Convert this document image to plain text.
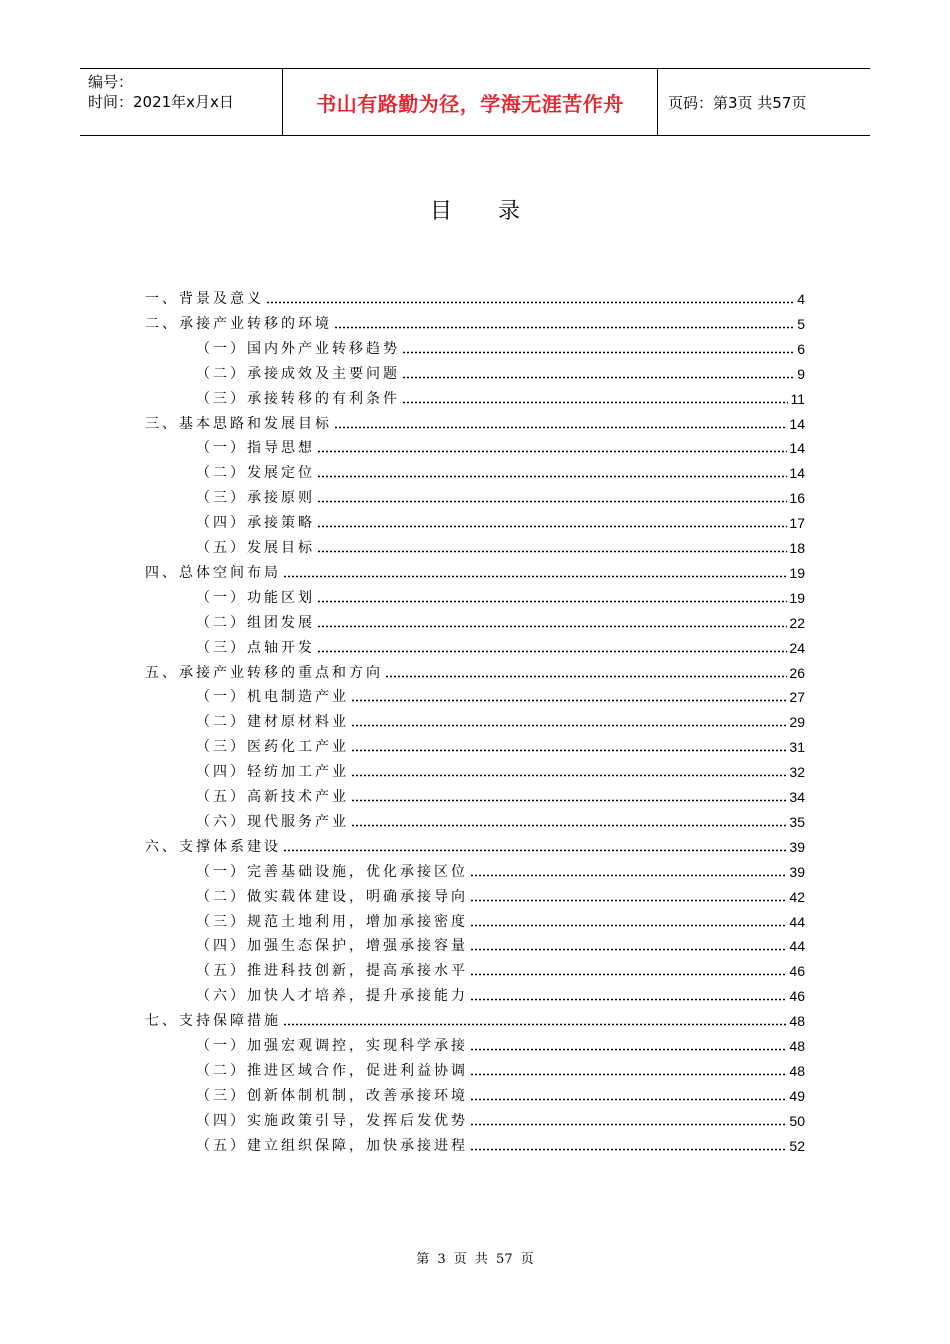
编号：
时间：2021年x月x日	书山有路勤为径，学海无涯苦作舟	页码：第3页 共57页
目录
一、背景及意义	4
二、承接产业转移的环境	5
（一）国内外产业转移趋势	6
（二）承接成效及主要问题	9
（三）承接转移的有利条件	11
三、基本思路和发展目标	14
（一）指导思想	14
（二）发展定位	14
（三）承接原则	16
（四）承接策略	17
（五）发展目标	18
四、总体空间布局	19
（一）功能区划	19
（二）组团发展	22
（三）点轴开发	24
五、承接产业转移的重点和方向	26
（一）机电制造产业	27
（二）建材原材料业	29
（三）医药化工产业	31
（四）轻纺加工产业	32
（五）高新技术产业	34
（六）现代服务产业	35
六、支撑体系建设	39
（一）完善基础设施，优化承接区位	39
（二）做实载体建设，明确承接导向	42
（三）规范土地利用，增加承接密度	44
（四）加强生态保护，增强承接容量	44
（五）推进科技创新，提高承接水平	46
（六）加快人才培养，提升承接能力	46
七、支持保障措施	48
（一）加强宏观调控，实现科学承接	48
（二）推进区域合作，促进利益协调	48
（三）创新体制机制，改善承接环境	49
（四）实施政策引导，发挥后发优势	50
（五）建立组织保障，加快承接进程	52
第 3 页 共 57 页
